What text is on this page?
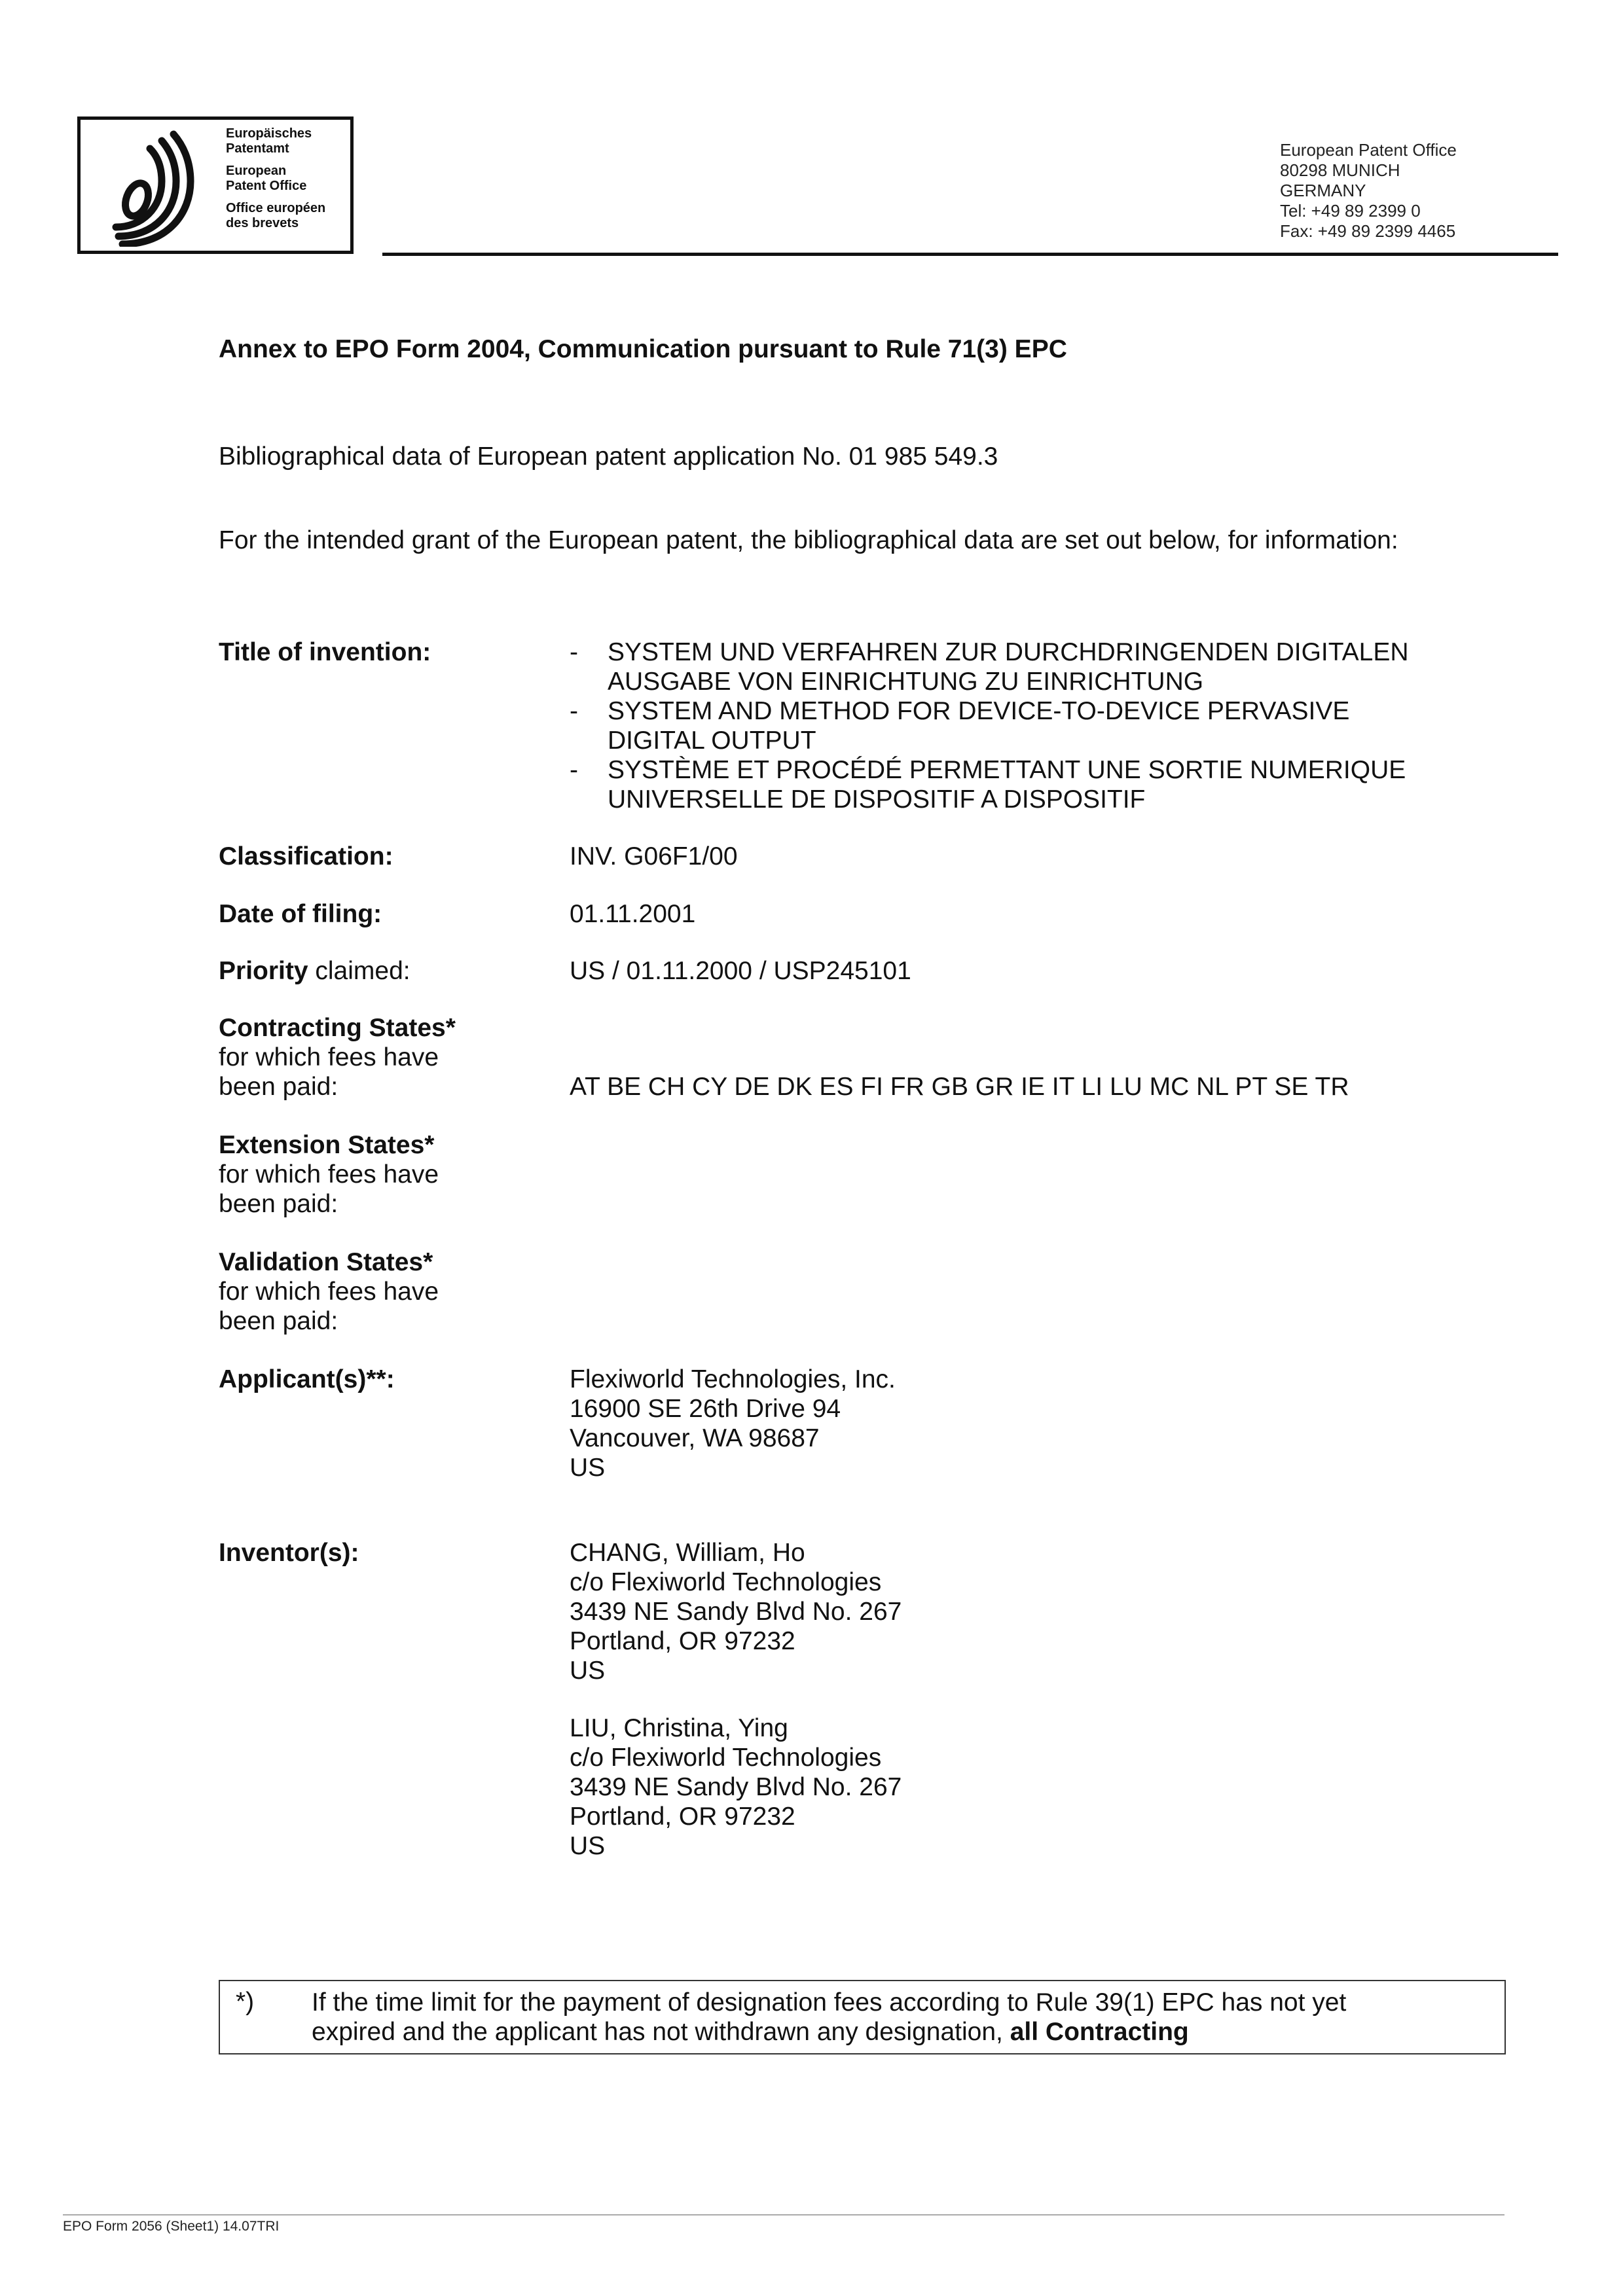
Europäisches
Patentamt
European
Patent Office
Office européen
des brevets
European Patent Office
80298 MUNICH
GERMANY
Tel: +49 89 2399 0
Fax: +49 89 2399 4465
Annex to EPO Form 2004, Communication pursuant to Rule 71(3) EPC
Bibliographical data of European patent application No. 01 985 549.3
For the intended grant of the European patent, the bibliographical data are set out below, for information:
Title of invention:	-	SYSTEM UND VERFAHREN ZUR DURCHDRINGENDEN DIGITALEN
AUSGABE VON EINRICHTUNG ZU EINRICHTUNG
-	SYSTEM AND METHOD FOR DEVICE-TO-DEVICE PERVASIVE
DIGITAL OUTPUT
-	SYSTÈME ET PROCÉDÉ PERMETTANT UNE SORTIE NUMERIQUE
UNIVERSELLE DE DISPOSITIF A DISPOSITIF
Classification:	INV. G06F1/00
Date of filing:	01.11.2001
Priority claimed:	US / 01.11.2000 / USP245101
Contracting States*
for which fees have
been paid:	AT BE CH CY DE DK ES FI FR GB GR IE IT LI LU MC NL PT SE TR
Extension States*
for which fees have
been paid:
Validation States*
for which fees have
been paid:
Applicant(s)**:	Flexiworld Technologies, Inc.
16900 SE 26th Drive 94
Vancouver, WA 98687
US
Inventor(s):	CHANG, William, Ho
c/o Flexiworld Technologies
3439 NE Sandy Blvd No. 267
Portland, OR 97232
US
LIU, Christina, Ying
c/o Flexiworld Technologies
3439 NE Sandy Blvd No. 267
Portland, OR 97232
US
*) If the time limit for the payment of designation fees according to Rule 39(1) EPC has not yet
expired and the applicant has not withdrawn any designation, all Contracting
EPO Form 2056 (Sheet1) 14.07TRI
